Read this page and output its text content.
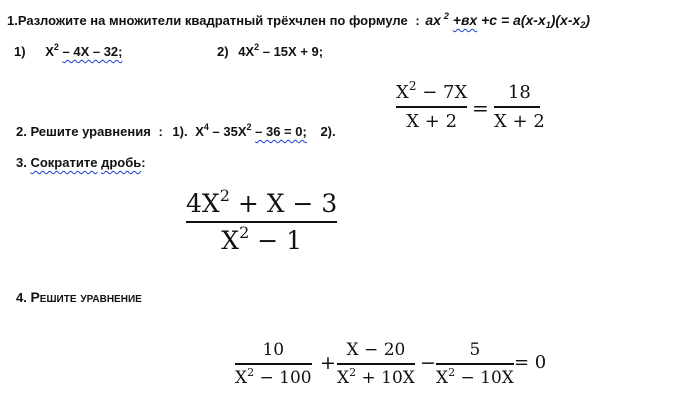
1.Разложите на множители квадратный трёхчлен по формуле : ax $^2 +вx +c = a(x-x_1)(x-x_2)$
1) $X^2 - 4X - 32$;	2) $4X^2 - 15X + 9$;
$X^2 - 7X$
X + 2
=
18
X + 2
2. Решите уравнения : 1). $X^4 - 35X^2 - 36 = 0$; 2).
3. Сократите дробь:
$4X^2 + X - 3$
$X^2 - 1$
4. Решите уравнение
10
$X^2 - 100$
+
X − 20
$X^2 + 10X$
−
5
$X^2 - 10X$
= 0
